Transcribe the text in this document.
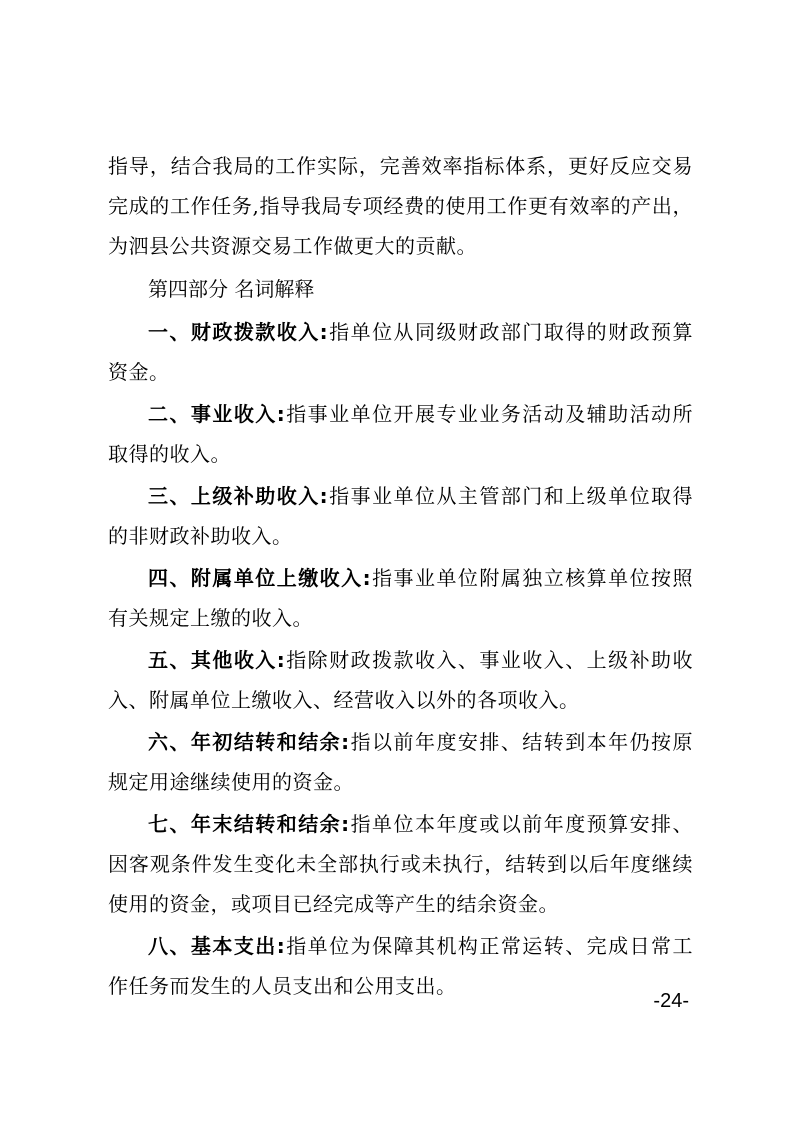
指导，结合我局的工作实际，完善效率指标体系，更好反应交易
完成的工作任务,指导我局专项经费的使用工作更有效率的产出，
为泗县公共资源交易工作做更大的贡献。
第四部分 名词解释
一、财政拨款收入:指单位从同级财政部门取得的财政预算
资金。
二、事业收入:指事业单位开展专业业务活动及辅助活动所
取得的收入。
三、上级补助收入:指事业单位从主管部门和上级单位取得
的非财政补助收入。
四、附属单位上缴收入:指事业单位附属独立核算单位按照
有关规定上缴的收入。
五、其他收入:指除财政拨款收入、事业收入、上级补助收
入、附属单位上缴收入、经营收入以外的各项收入。
六、年初结转和结余:指以前年度安排、结转到本年仍按原
规定用途继续使用的资金。
七、年末结转和结余:指单位本年度或以前年度预算安排、
因客观条件发生变化未全部执行或未执行，结转到以后年度继续
使用的资金，或项目已经完成等产生的结余资金。
八、基本支出:指单位为保障其机构正常运转、完成日常工
作任务而发生的人员支出和公用支出。
-24-
